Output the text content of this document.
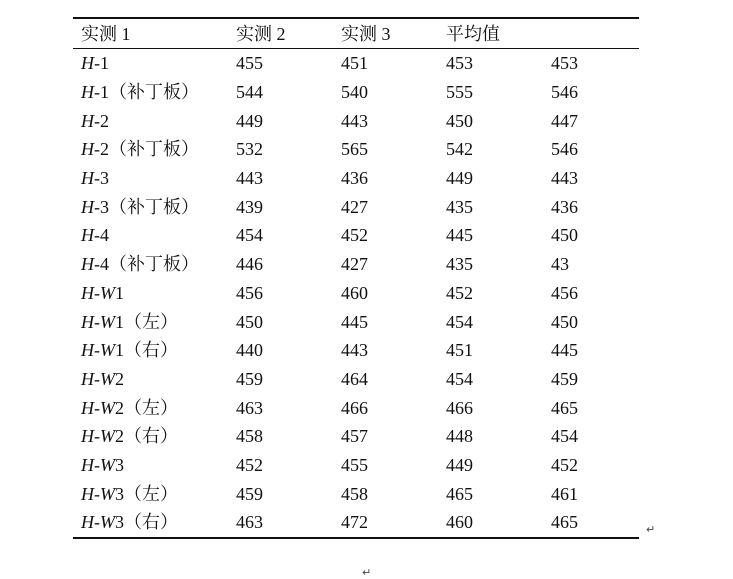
实测 1	实测 2	实测 3	平均值	
H-1	455	451	453	453
H-1（补丁板）	544	540	555	546
H-2	449	443	450	447
H-2（补丁板）	532	565	542	546
H-3	443	436	449	443
H-3（补丁板）	439	427	435	436
H-4	454	452	445	450
H-4（补丁板）	446	427	435	43
H-W1	456	460	452	456
H-W1（左）	450	445	454	450
H-W1（右）	440	443	451	445
H-W2	459	464	454	459
H-W2（左）	463	466	466	465
H-W2（右）	458	457	448	454
H-W3	452	455	449	452
H-W3（左）	459	458	465	461
H-W3（右）	463	472	460	465	↵
↵
